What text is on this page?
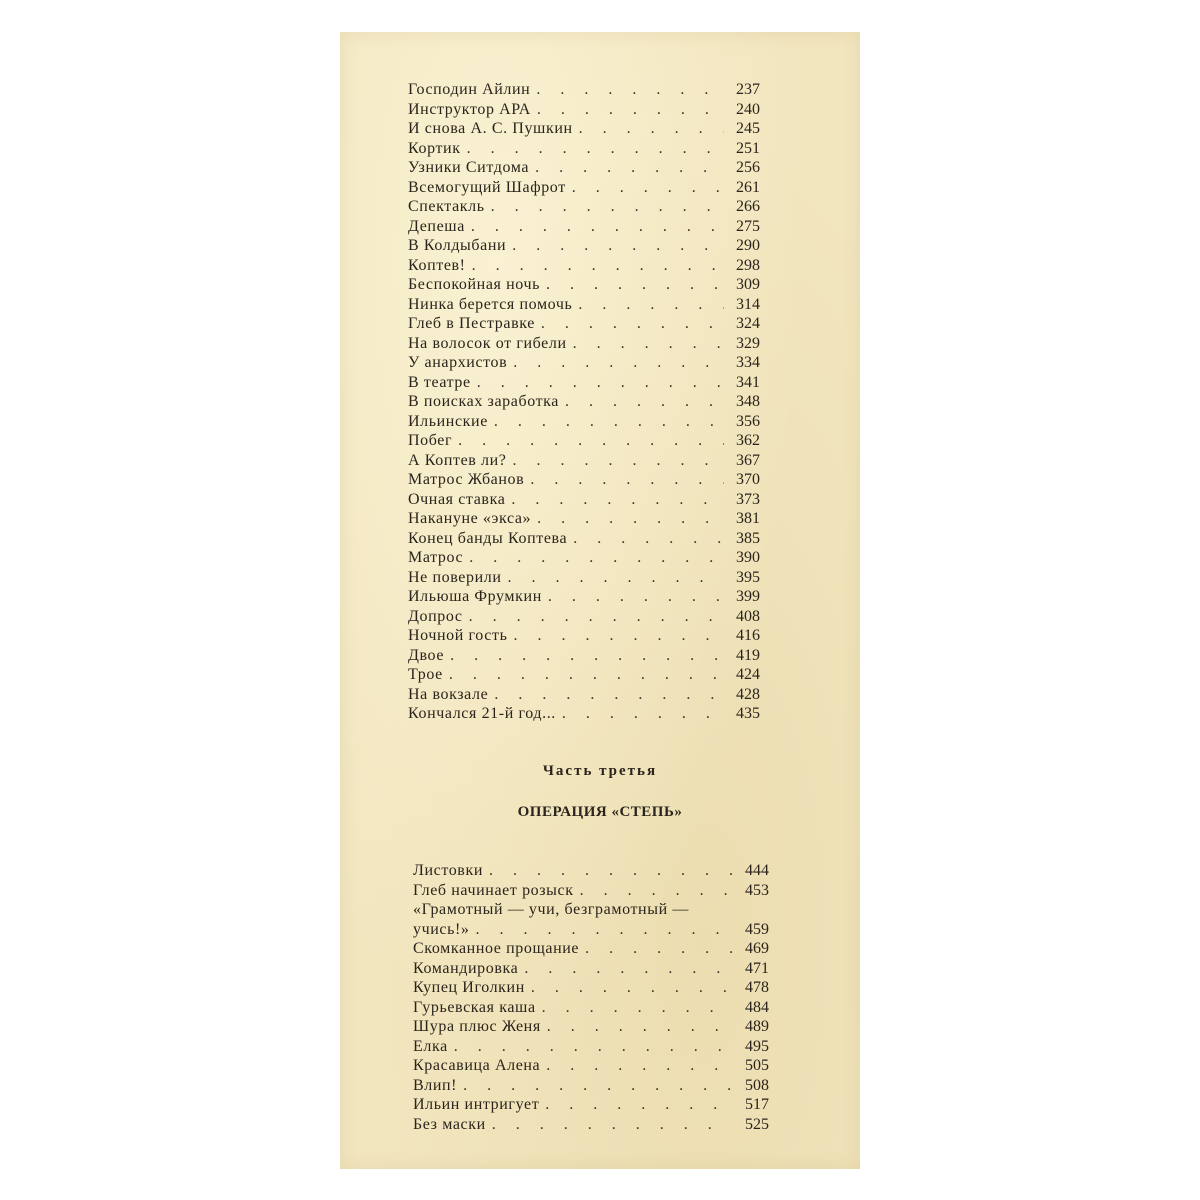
Господин Айлин . . .	237
Инструктор АРА . . .	240
И снова А. С. Пушкин . . .	245
Кортик . . .	251
Узники Ситдома . . .	256
Всемогущий Шафрот . . .	261
Спектакль . . .	266
Депеша . . .	275
В Колдыбани . . .	290
Коптев! . . .	298
Беспокойная ночь . . .	309
Нинка берется помочь . . .	314
Глеб в Пестравке . . .	324
На волосок от гибели . . .	329
У анархистов . . .	334
В театре . . .	341
В поисках заработка . . .	348
Ильинские . . .	356
Побег . . .	362
А Коптев ли? . . .	367
Матрос Жбанов . . .	370
Очная ставка . . .	373
Накануне «экса» . . .	381
Конец банды Коптева . . .	385
Матрос . . .	390
Не поверили . . .	395
Ильюша Фрумкин . . .	399
Допрос . . .	408
Ночной гость . . .	416
Двое . . .	419
Трое . . .	424
На вокзале . . .	428
Кончался 21-й год... . . .	435
Часть третья
ОПЕРАЦИЯ «СТЕПЬ»
Листовки . . .	444
Глеб начинает розыск . . .	453
«Грамотный — учи, безграмотный —
учись!» . . .	459
Скомканное прощание . . .	469
Командировка . . .	471
Купец Иголкин . . .	478
Гурьевская каша . . .	484
Шура плюс Женя . . .	489
Елка . . .	495
Красавица Алена . . .	505
Влип! . . .	508
Ильин интригует . . .	517
Без маски . . .	525
